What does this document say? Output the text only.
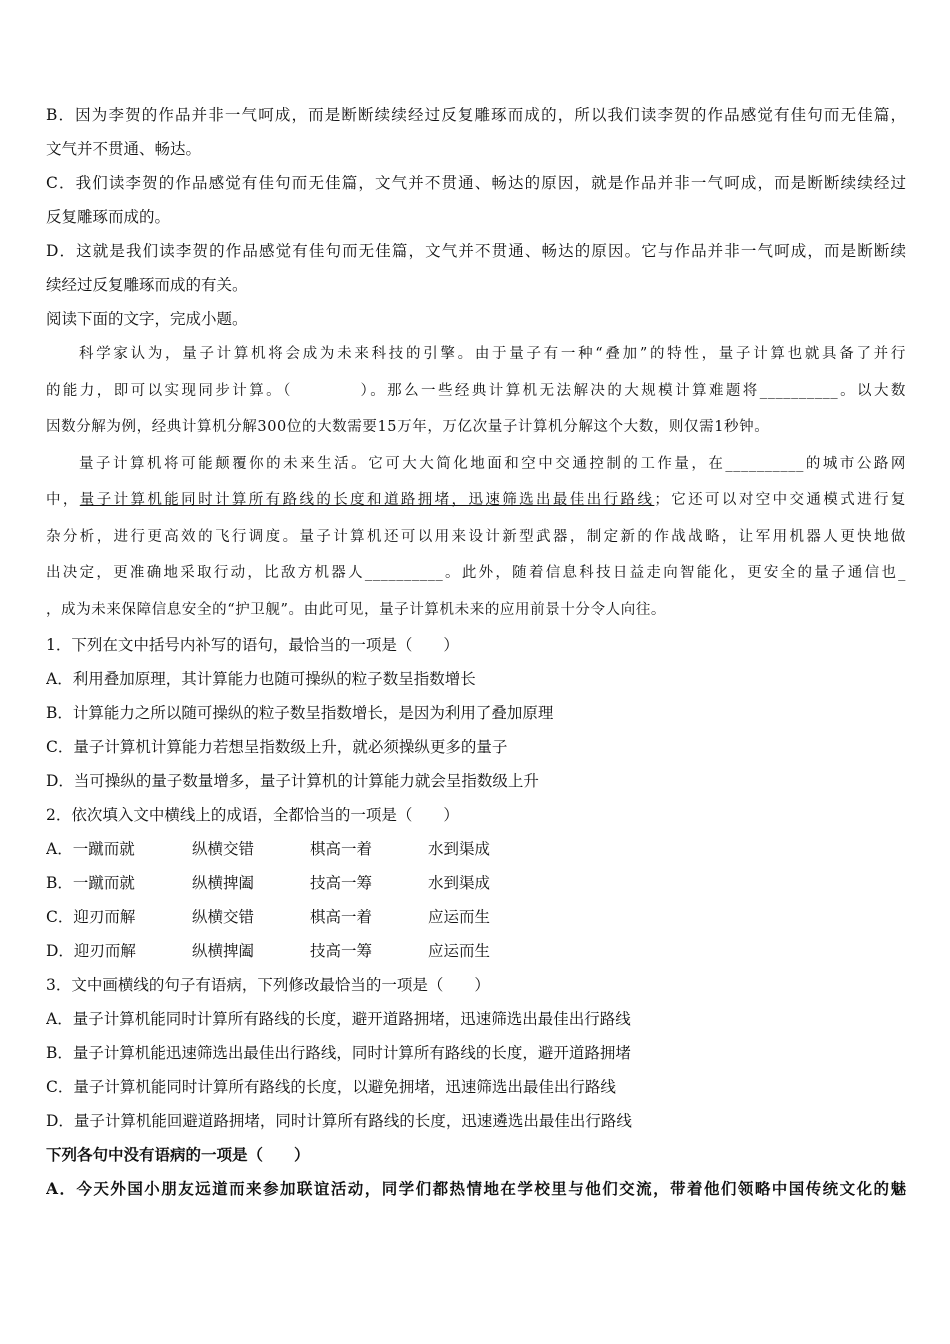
B．因为李贺的作品并非一气呵成，而是断断续续经过反复雕琢而成的，所以我们读李贺的作品感觉有佳句而无佳篇，
文气并不贯通、畅达。
C．我们读李贺的作品感觉有佳句而无佳篇，文气并不贯通、畅达的原因，就是作品并非一气呵成，而是断断续续经过
反复雕琢而成的。
D．这就是我们读李贺的作品感觉有佳句而无佳篇，文气并不贯通、畅达的原因。它与作品并非一气呵成，而是断断续
续经过反复雕琢而成的有关。
阅读下面的文字，完成小题。
科学家认为，量子计算机将会成为未来科技的引擎。由于量子有一种“叠加”的特性，量子计算也就具备了并行
的能力，即可以实现同步计算。（　　　　）。那么一些经典计算机无法解决的大规模计算难题将__________。以大数
因数分解为例，经典计算机分解300位的大数需要15万年，万亿次量子计算机分解这个大数，则仅需1秒钟。
量子计算机将可能颠覆你的未来生活。它可大大简化地面和空中交通控制的工作量，在__________的城市公路网
中，量子计算机能同时计算所有路线的长度和道路拥堵，迅速筛选出最佳出行路线；它还可以对空中交通模式进行复
杂分析，进行更高效的飞行调度。量子计算机还可以用来设计新型武器，制定新的作战战略，让军用机器人更快地做
出决定，更准确地采取行动，比敌方机器人__________。此外，随着信息科技日益走向智能化，更安全的量子通信也_
，成为未来保障信息安全的“护卫舰”。由此可见，量子计算机未来的应用前景十分令人向往。
1．下列在文中括号内补写的语句，最恰当的一项是（　　）
A．利用叠加原理，其计算能力也随可操纵的粒子数呈指数增长
B．计算能力之所以随可操纵的粒子数呈指数增长，是因为利用了叠加原理
C．量子计算机计算能力若想呈指数级上升，就必须操纵更多的量子
D．当可操纵的量子数量增多，量子计算机的计算能力就会呈指数级上升
2．依次填入文中横线上的成语，全都恰当的一项是（　　）
A．一蹴而就	纵横交错	棋高一着	水到渠成
B．一蹴而就	纵横捭阖	技高一筹	水到渠成
C．迎刃而解	纵横交错	棋高一着	应运而生
D．迎刃而解	纵横捭阖	技高一筹	应运而生
3．文中画横线的句子有语病，下列修改最恰当的一项是（　　）
A．量子计算机能同时计算所有路线的长度，避开道路拥堵，迅速筛选出最佳出行路线
B．量子计算机能迅速筛选出最佳出行路线，同时计算所有路线的长度，避开道路拥堵
C．量子计算机能同时计算所有路线的长度，以避免拥堵，迅速筛选出最佳出行路线
D．量子计算机能回避道路拥堵，同时计算所有路线的长度，迅速遴选出最佳出行路线
下列各句中没有语病的一项是（　　）
A．今天外国小朋友远道而来参加联谊活动，同学们都热情地在学校里与他们交流，带着他们领略中国传统文化的魅
